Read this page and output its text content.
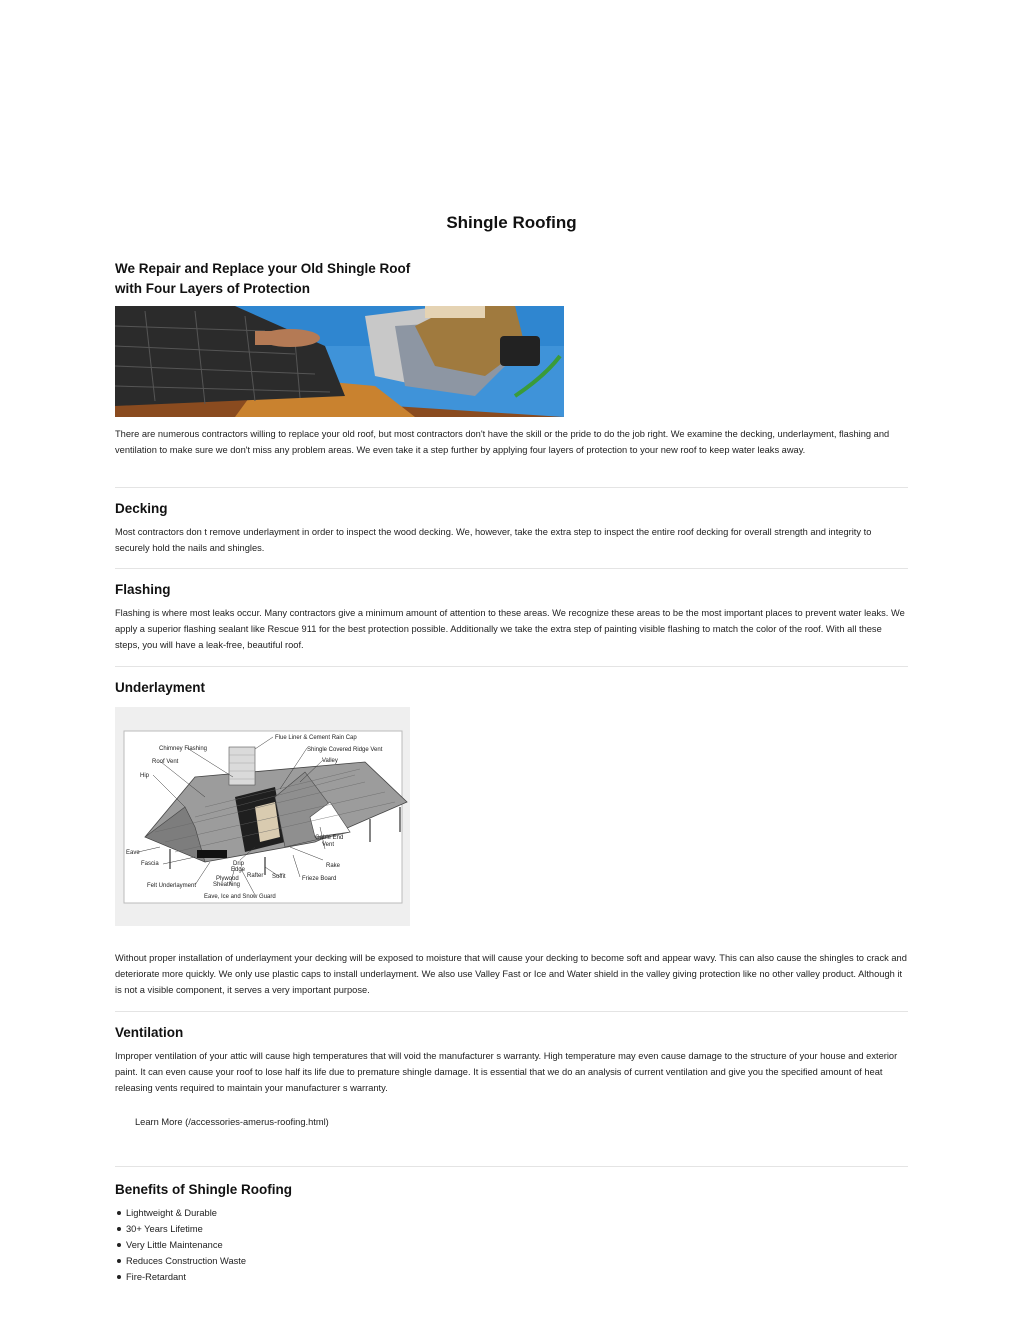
Shingle Roofing
We Repair and Replace your Old Shingle Roof
with Four Layers of Protection

There are numerous contractors willing to replace your old roof, but most contractors don't have the skill or the pride to do the job right. We examine the decking, underlayment, flashing and ventilation to make sure we don't miss any problem areas. We even take it a step further by applying four layers of protection to your new roof to keep water leaks away.

Decking

Most contractors don t remove underlayment in order to inspect the wood decking. We, however, take the extra step to inspect the entire roof decking for overall strength and integrity to securely hold the nails and shingles.

Flashing

Flashing is where most leaks occur. Many contractors give a minimum amount of attention to these areas. We recognize these areas to be the most important places to prevent water leaks. We apply a superior flashing sealant like Rescue 911 for the best protection possible. Additionally we take the extra step of painting visible flashing to match the color of the roof. With all these steps, you will have a leak-free, beautiful roof.

Underlayment
Flue Liner & Cement Rain Cap
Chimney Flashing	Shingle Covered Ridge Vent
Roof Vent	Valley
Hip
Gable End
Vent
Eave
Rake
Fascia	Drip
Edge
Rafter Soffit	Frieze Board
Plywood
Sheathing
Felt Underlayment
Eave, Ice and Snow Guard

Without proper installation of underlayment your decking will be exposed to moisture that will cause your decking to become soft and appear wavy. This can also cause the shingles to crack and deteriorate more quickly. We only use plastic caps to install underlayment. We also use Valley Fast or Ice and Water shield in the valley giving protection like no other valley product. Although it is not a visible component, it serves a very important purpose.

Ventilation

Improper ventilation of your attic will cause high temperatures that will void the manufacturer s warranty. High temperature may even cause damage to the structure of your house and exterior paint. It can even cause your roof to lose half its life due to premature shingle damage. It is essential that we do an analysis of current ventilation and give you the specified amount of heat releasing vents required to maintain your manufacturer s warranty.

Learn More (/accessories-amerus-roofing.html)
Benefits of Shingle Roofing
Lightweight & Durable
30+ Years Lifetime
Very Little Maintenance
Reduces Construction Waste
Fire-Retardant
